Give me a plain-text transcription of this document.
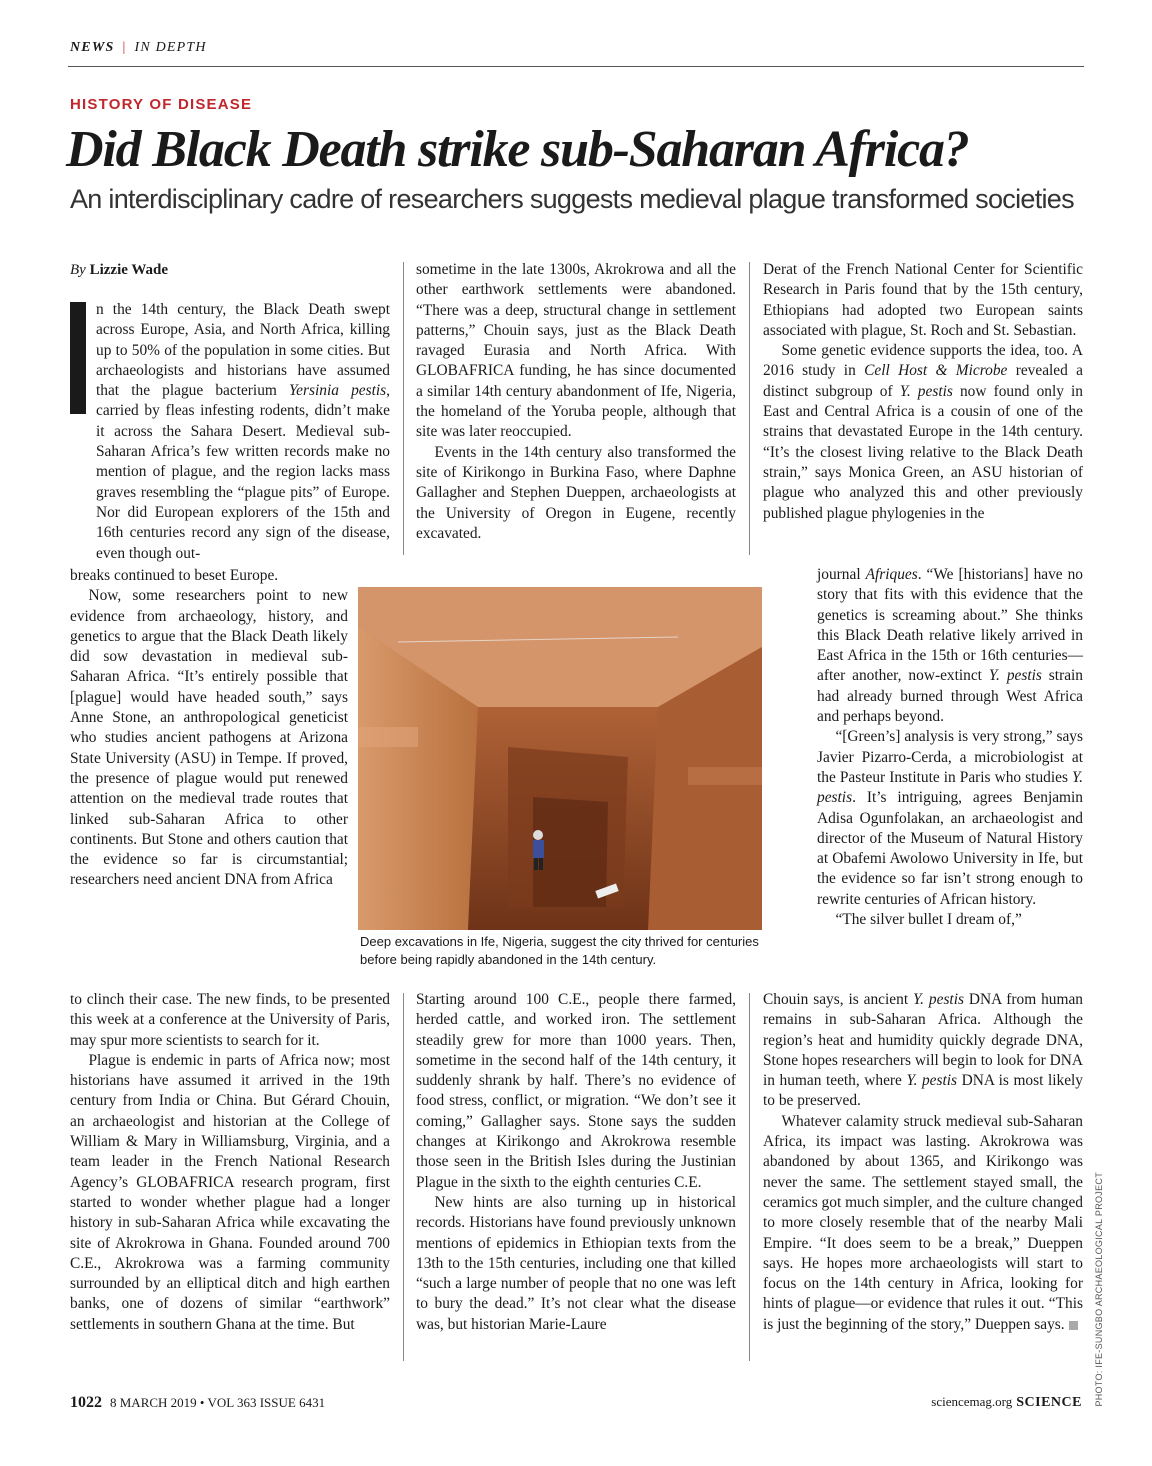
NEWS | IN DEPTH
HISTORY OF DISEASE
Did Black Death strike sub-Saharan Africa?
An interdisciplinary cadre of researchers suggests medieval plague transformed societies
By Lizzie Wade

n the 14th century, the Black Death swept across Europe, Asia, and North Africa, killing up to 50% of the population in some cities. But archaeologists and historians have assumed that the plague bacterium Yersinia pestis, carried by fleas infesting rodents, didn’t make it across the Sahara Desert. Medieval sub-Saharan Africa’s few written records make no mention of plague, and the region lacks mass graves resembling the “plague pits” of Europe. Nor did European explorers of the 15th and 16th centuries record any sign of the disease, even though out-

breaks continued to beset Europe.

Now, some researchers point to new evidence from archaeology, history, and genetics to argue that the Black Death likely did sow devastation in medieval sub-Saharan Africa. “It’s entirely possible that [plague] would have headed south,” says Anne Stone, an anthropological geneticist who studies ancient pathogens at Arizona State University (ASU) in Tempe. If proved, the presence of plague would put renewed attention on the medieval trade routes that linked sub-Saharan Africa to other continents. But Stone and others caution that the evidence so far is circumstantial; researchers need ancient DNA from Africa

to clinch their case. The new finds, to be presented this week at a conference at the University of Paris, may spur more scientists to search for it.

Plague is endemic in parts of Africa now; most historians have assumed it arrived in the 19th century from India or China. But Gérard Chouin, an archaeologist and historian at the College of William & Mary in Williamsburg, Virginia, and a team leader in the French National Research Agency’s GLOBAFRICA research program, first started to wonder whether plague had a longer history in sub-Saharan Africa while excavating the site of Akrokrowa in Ghana. Founded around 700 C.E., Akrokrowa was a farming community surrounded by an elliptical ditch and high earthen banks, one of dozens of similar “earthwork” settlements in southern Ghana at the time. But

sometime in the late 1300s, Akrokrowa and all the other earthwork settlements were abandoned. “There was a deep, structural change in settlement patterns,” Chouin says, just as the Black Death ravaged Eurasia and North Africa. With GLOBAFRICA funding, he has since documented a similar 14th century abandonment of Ife, Nigeria, the homeland of the Yoruba people, although that site was later reoccupied.

Events in the 14th century also transformed the site of Kirikongo in Burkina Faso, where Daphne Gallagher and Stephen Dueppen, archaeologists at the University of Oregon in Eugene, recently excavated.

Starting around 100 C.E., people there farmed, herded cattle, and worked iron. The settlement steadily grew for more than 1000 years. Then, sometime in the second half of the 14th century, it suddenly shrank by half. There’s no evidence of food stress, conflict, or migration. “We don’t see it coming,” Gallagher says. Stone says the sudden changes at Kirikongo and Akrokrowa resemble those seen in the British Isles during the Justinian Plague in the sixth to the eighth centuries C.E.

New hints are also turning up in historical records. Historians have found previously unknown mentions of epidemics in Ethiopian texts from the 13th to the 15th centuries, including one that killed “such a large number of people that no one was left to bury the dead.” It’s not clear what the disease was, but historian Marie-Laure

Derat of the French National Center for Scientific Research in Paris found that by the 15th century, Ethiopians had adopted two European saints associated with plague, St. Roch and St. Sebastian.

Some genetic evidence supports the idea, too. A 2016 study in Cell Host & Microbe revealed a distinct subgroup of Y. pestis now found only in East and Central Africa is a cousin of one of the strains that devastated Europe in the 14th century. “It’s the closest living relative to the Black Death strain,” says Monica Green, an ASU historian of plague who analyzed this and other previously published plague phylogenies in the

journal Afriques. “We [historians] have no story that fits with this evidence that the genetics is screaming about.” She thinks this Black Death relative likely arrived in East Africa in the 15th or 16th centuries—after another, now-extinct Y. pestis strain had already burned through West Africa and perhaps beyond.

“[Green’s] analysis is very strong,” says Javier Pizarro-Cerda, a microbiologist at the Pasteur Institute in Paris who studies Y. pestis. It’s intriguing, agrees Benjamin Adisa Ogunfolakan, an archaeologist and director of the Museum of Natural History at Obafemi Awolowo University in Ife, but the evidence so far isn’t strong enough to rewrite centuries of African history.

“The silver bullet I dream of,”

Chouin says, is ancient Y. pestis DNA from human remains in sub-Saharan Africa. Although the region’s heat and humidity quickly degrade DNA, Stone hopes researchers will begin to look for DNA in human teeth, where Y. pestis DNA is most likely to be preserved.

Whatever calamity struck medieval sub-Saharan Africa, its impact was lasting. Akrokrowa was abandoned by about 1365, and Kirikongo was never the same. The settlement stayed small, the ceramics got much simpler, and the culture changed to more closely resemble that of the nearby Mali Empire. “It does seem to be a break,” Dueppen says. He hopes more archaeologists will start to focus on the 14th century in Africa, looking for hints of plague—or evidence that rules it out. “This is just the beginning of the story,” Dueppen says.

Deep excavations in Ife, Nigeria, suggest the city thrived for centuries before being rapidly abandoned in the 14th century.
PHOTO: IFE-SUNGBO ARCHAEOLOGICAL PROJECT
1022 8 MARCH 2019 • VOL 363 ISSUE 6431	sciencemag.org SCIENCE
